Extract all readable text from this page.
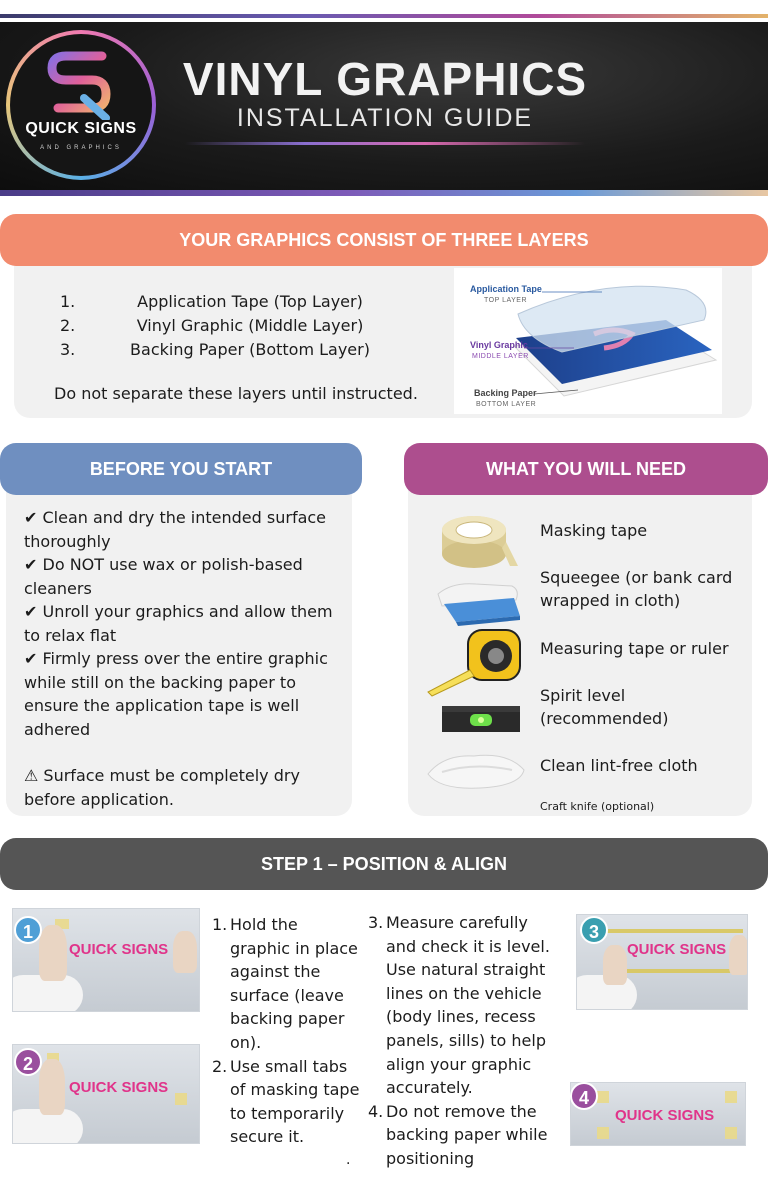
QUICK SIGNS
AND GRAPHICS
VINYL GRAPHICS
INSTALLATION GUIDE
YOUR GRAPHICS CONSIST OF THREE LAYERS
1.	Application Tape (Top Layer)
2.	Vinyl Graphic (Middle Layer)
3.	Backing Paper (Bottom Layer)
Do not separate these layers until instructed.
Application Tape
TOP LAYER
Vinyl Graphic
MIDDLE LAYER
Backing Paper
BOTTOM LAYER
BEFORE YOU START
✔ Clean and dry the intended surface thoroughly
✔ Do NOT use wax or polish-based cleaners
✔ Unroll your graphics and allow them to relax flat
✔ Firmly press over the entire graphic while still on the backing paper to ensure the application tape is well adhered
⚠ Surface must be completely dry before application.
WHAT YOU WILL NEED
Masking tape
Squeegee (or bank card wrapped in cloth)
Measuring tape or ruler
Spirit level (recommended)
Clean lint-free cloth
Craft knife (optional)
STEP 1 – POSITION & ALIGN
QUICK SIGNS
1
QUICK SIGNS
2
1. Hold the graphic in place against the surface (leave backing paper on).
2. Use small tabs of masking tape to temporarily secure it.
3. Measure carefully and check it is level. Use natural straight lines on the vehicle (body lines, recess panels, sills) to help align your graphic accurately.
4. Do not remove the backing paper while positioning
.
QUICK SIGNS
3
QUICK SIGNS
4
